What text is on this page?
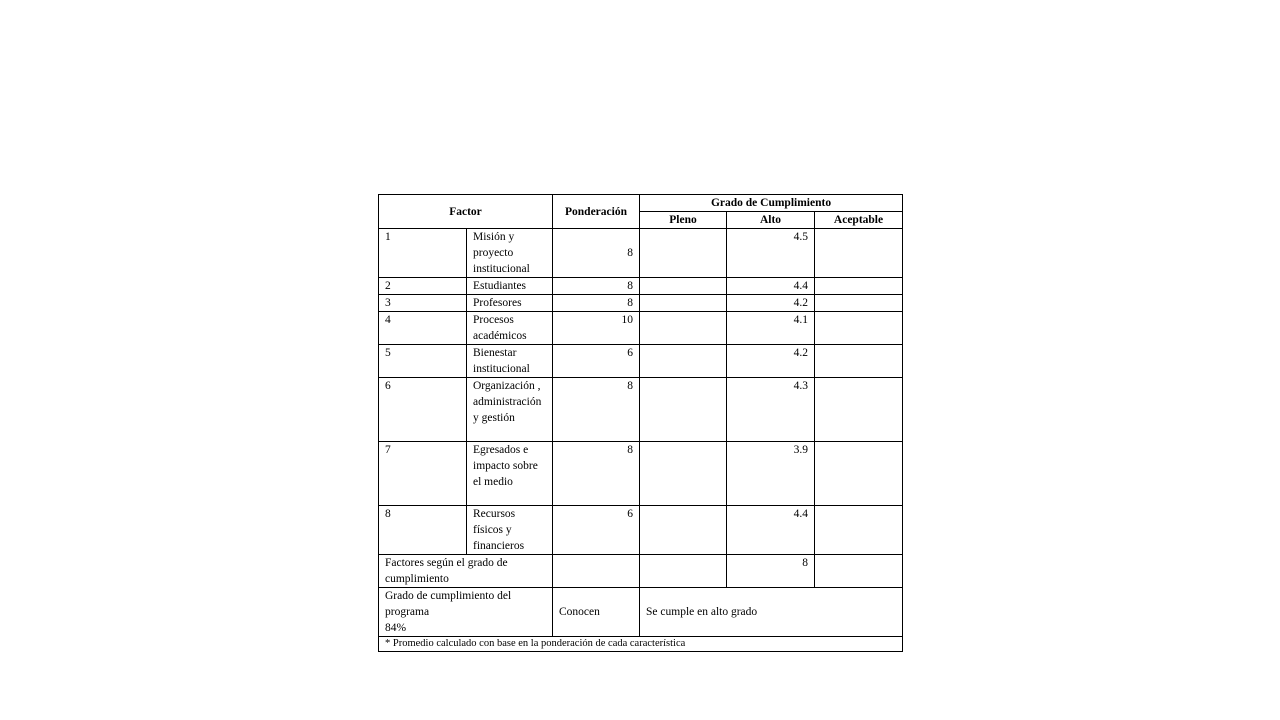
Factor		Ponderación	Grado de Cumplimiento		
			Pleno	Alto	Aceptable
1	Misión y proyecto institucional	8		4.5	
2	Estudiantes	8		4.4	
3	Profesores	8		4.2	
4	Procesos académicos	10		4.1	
5	Bienestar institucional	6		4.2	
6	Organización , administración y gestión	8		4.3	
7	Egresados e impacto sobre el medio	8		3.9	
8	Recursos físicos y financieros	6		4.4	
Factores según el grado de cumplimiento				8	

Grado de cumplimiento del programa
84%		Conocen	Se cumple en alto grado		
* Promedio calculado con base en la ponderación de cada característica					
